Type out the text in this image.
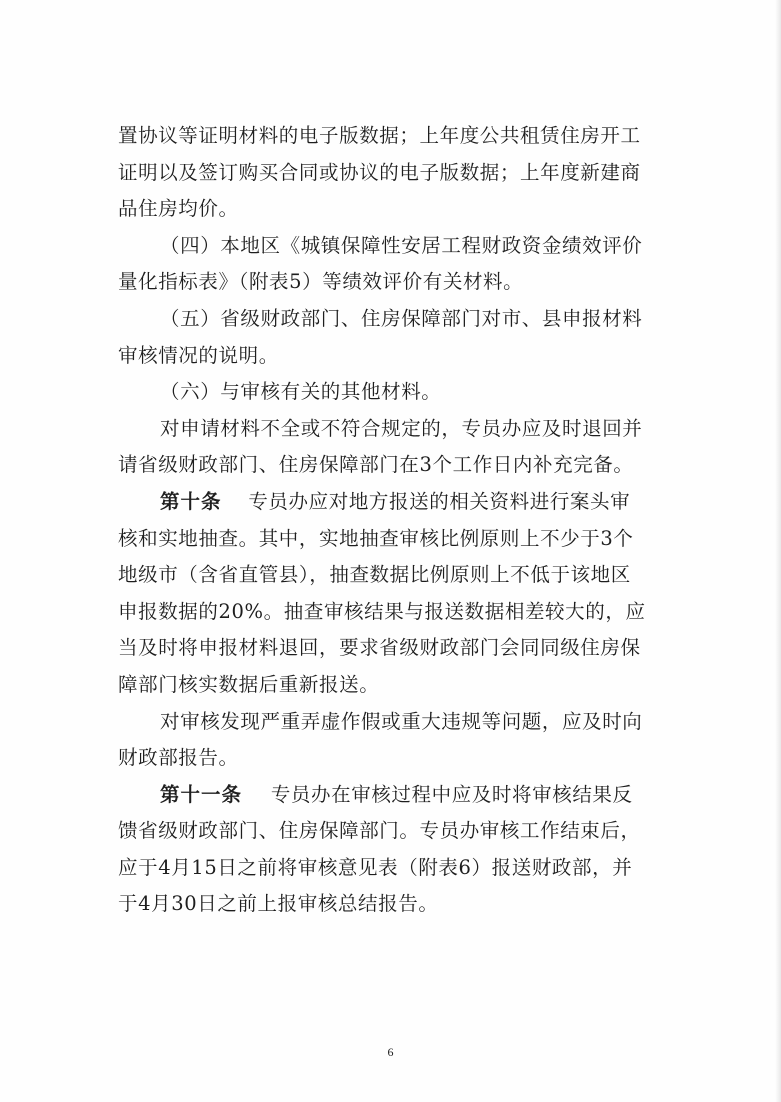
置协议等证明材料的电子版数据；上年度公共租赁住房开工
证明以及签订购买合同或协议的电子版数据；上年度新建商
品住房均价。
（四）本地区《城镇保障性安居工程财政资金绩效评价
量化指标表》（附表5）等绩效评价有关材料。
（五）省级财政部门、住房保障部门对市、县申报材料
审核情况的说明。
（六）与审核有关的其他材料。
对申请材料不全或不符合规定的，专员办应及时退回并
请省级财政部门、住房保障部门在3个工作日内补充完备。
第十条 专员办应对地方报送的相关资料进行案头审
核和实地抽查。其中，实地抽查审核比例原则上不少于3个
地级市（含省直管县），抽查数据比例原则上不低于该地区
申报数据的20%。抽查审核结果与报送数据相差较大的，应
当及时将申报材料退回，要求省级财政部门会同同级住房保
障部门核实数据后重新报送。
对审核发现严重弄虚作假或重大违规等问题，应及时向
财政部报告。
第十一条 专员办在审核过程中应及时将审核结果反
馈省级财政部门、住房保障部门。专员办审核工作结束后，
应于4月15日之前将审核意见表（附表6）报送财政部，并
于4月30日之前上报审核总结报告。
6
